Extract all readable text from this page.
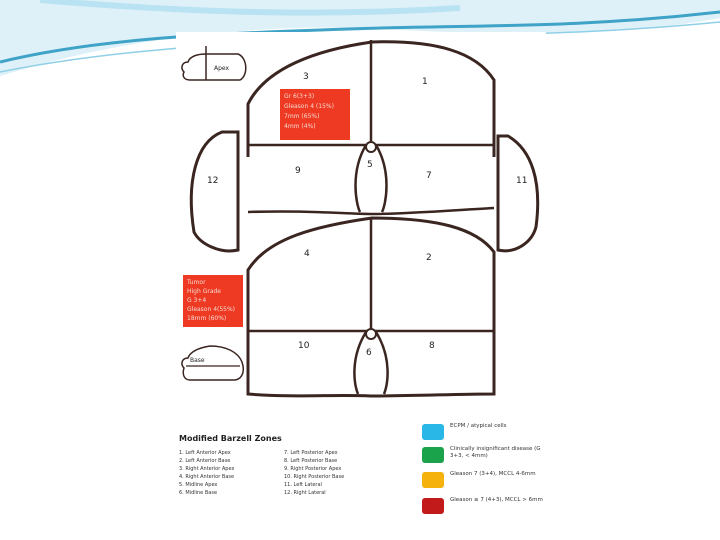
Apex
Base
3	1
5
9	7
12	11
4	2
10	8
6
Gr 6(3+3)
Gleason 4 (15%)
7mm (65%)
4mm (4%)
Tumor
High Grade
G 3+4
Gleason 4(55%)
18mm (60%)
Modified Barzell Zones
1. Left Anterior Apex
2. Left Anterior Base
3. Right Anterior Apex
4. Right Anterior Base
5. Midline Apex
6. Midline Base
7. Left Posterior Apex
8. Left Posterior Base
9. Right Posterior Apex
10. Right Posterior Base
11. Left Lateral
12. Right Lateral
ECPM / atypical cells
Clinically insignificant disease (G 3+3, < 4mm)
Gleason 7 (3+4), MCCL 4-6mm
Gleason ≥ 7 (4+3), MCCL > 6mm
